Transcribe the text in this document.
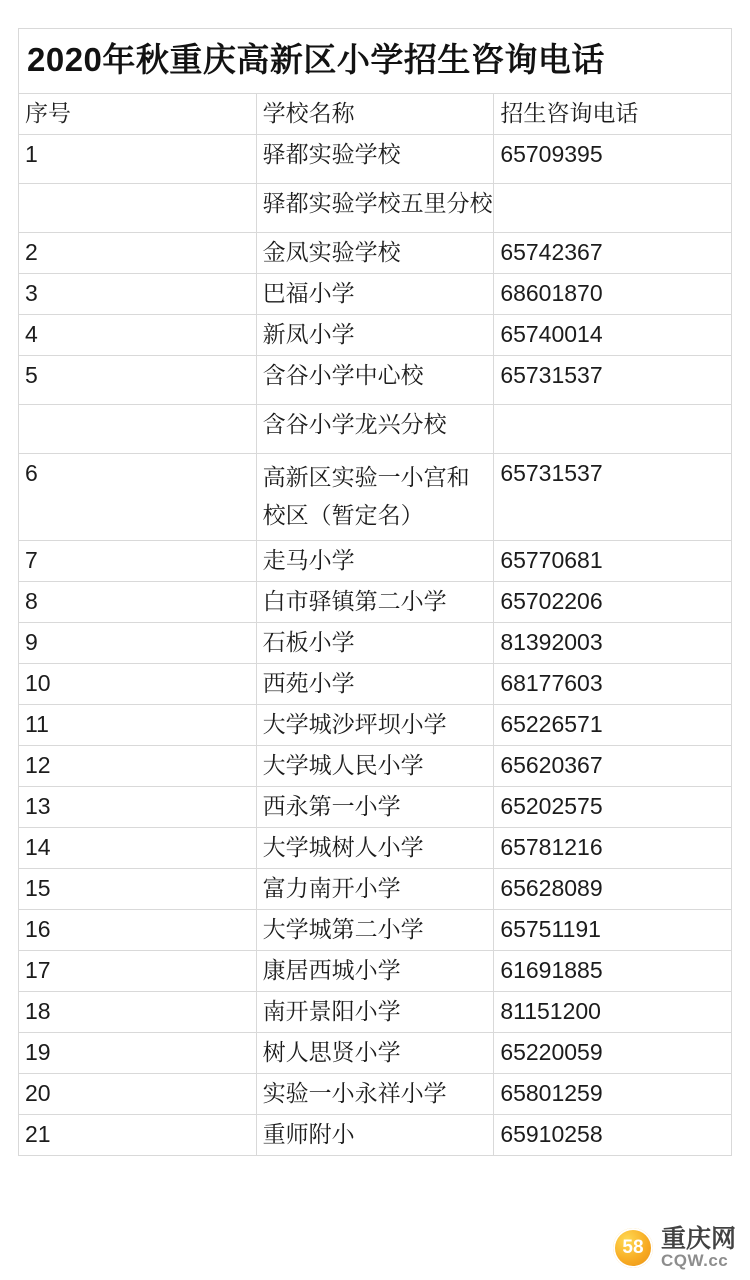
2020年秋重庆高新区小学招生咨询电话		
序号	学校名称	招生咨询电话
1	驿都实验学校	65709395
	驿都实验学校五里分校	
2	金凤实验学校	65742367
3	巴福小学	68601870
4	新凤小学	65740014
5	含谷小学中心校	65731537
	含谷小学龙兴分校	
6	高新区实验一小宫和校区（暂定名）	65731537
7	走马小学	65770681
8	白市驿镇第二小学	65702206
9	石板小学	81392003
10	西苑小学	68177603
11	大学城沙坪坝小学	65226571
12	大学城人民小学	65620367
13	西永第一小学	65202575
14	大学城树人小学	65781216
15	富力南开小学	65628089
16	大学城第二小学	65751191
17	康居西城小学	61691885
18	南开景阳小学	81151200
19	树人思贤小学	65220059
20	实验一小永祥小学	65801259
21	重师附小	65910258
58
重庆网
CQW.cc
